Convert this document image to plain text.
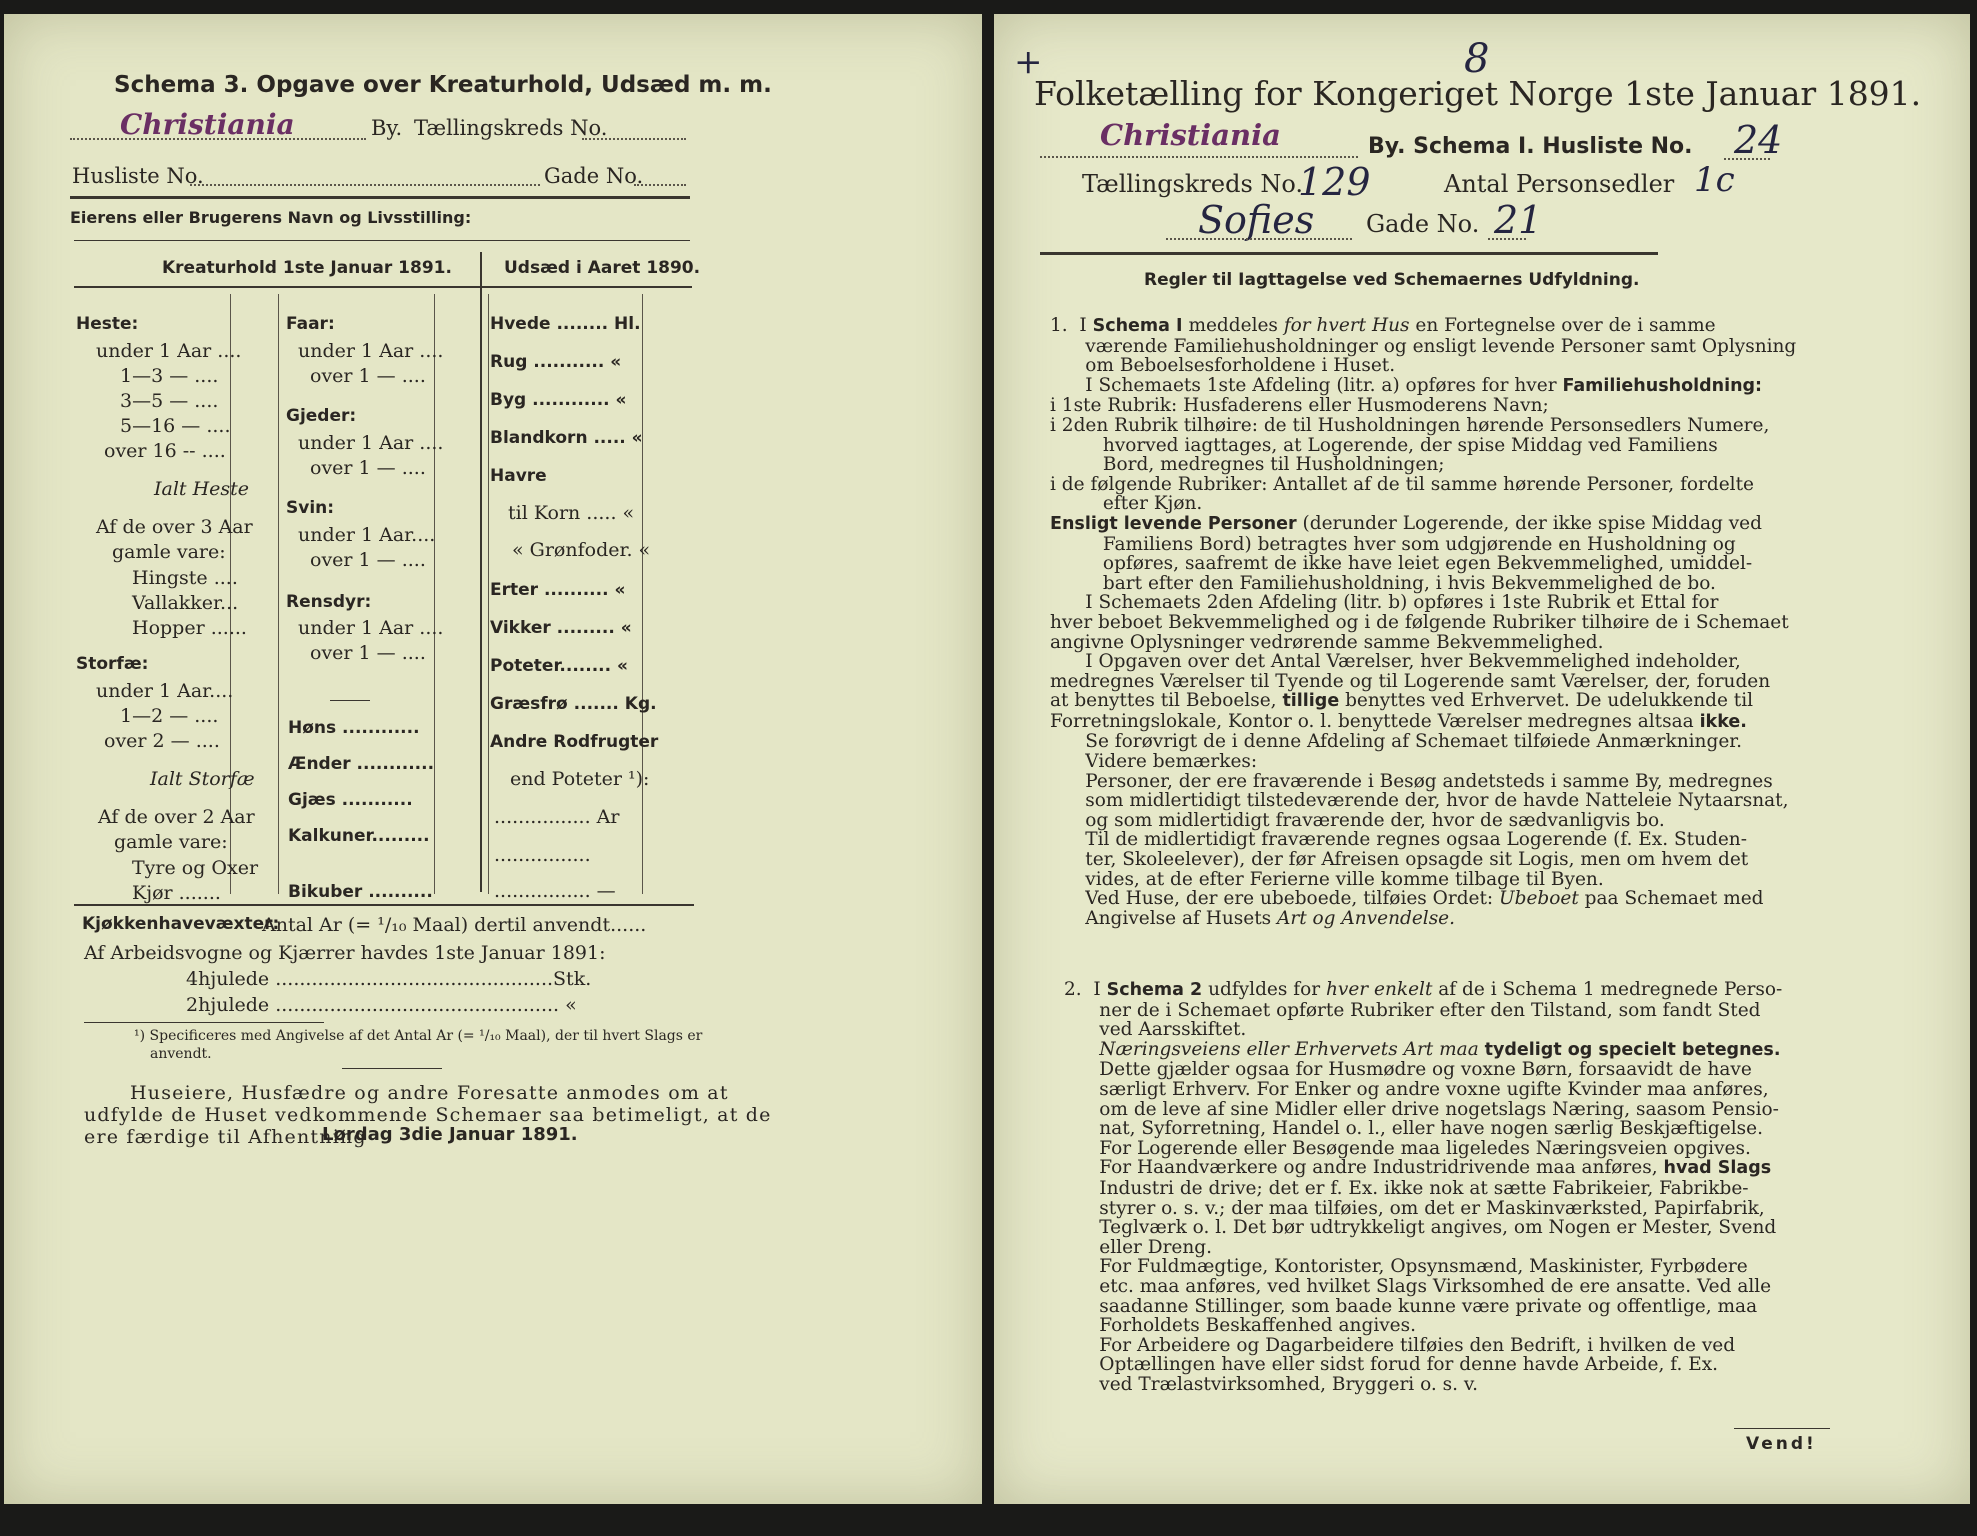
Schema 3. Opgave over Kreaturhold, Udsæd m. m.
Christiania	By. Tællingskreds No.
Husliste No.	Gade No.
Eierens eller Brugerens Navn og Livsstilling:
Kreaturhold 1ste Januar 1891.	Udsæd i Aaret 1890.
Heste:
under 1 Aar ....
1—3 — ....
3—5 — ....
5—16 — ....
over 16 -- ....
Ialt Heste
Af de over 3 Aar
gamle vare:
Hingste ....
Vallakker...
Hopper ......
Storfæ:
under 1 Aar....
1—2 — ....
over 2 — ....
Ialt Storfæ
Af de over 2 Aar
gamle vare:
Tyre og Oxer
Kjør .......
Faar:
under 1 Aar ....
over 1 — ....
Gjeder:
under 1 Aar ....
over 1 — ....
Svin:
under 1 Aar....
over 1 — ....
Rensdyr:
under 1 Aar ....
over 1 — ....
Høns ............
Ænder ............
Gjæs ...........
Kalkuner.........
Bikuber ..........
Hvede ........ Hl.
Rug ........... «
Byg ............ «
Blandkorn ..... «
Havre
til Korn ..... «
« Grønfoder. «
Erter .......... «
Vikker ......... «
Poteter........ «
Græsfrø ....... Kg.
Andre Rodfrugter
end Poteter ¹):
................ Ar
................
................ —
Kjøkkenhavevæxter:
Antal Ar (= ¹/₁₀ Maal) dertil anvendt......
Af Arbeidsvogne og Kjærrer havdes 1ste Januar 1891:
4hjulede ..............................................Stk.
2hjulede ............................................... «
¹) Specificeres med Angivelse af det Antal Ar (= ¹/₁₀ Maal), der til hvert Slags er
anvendt.
Huseiere, Husfædre og andre Foresatte anmodes om at
udfylde de Huset vedkommende Schemaer saa betimeligt, at de
ere færdige til Afhentning
Lørdag 3die Januar 1891.
+	8
Folketælling for Kongeriget Norge 1ste Januar 1891.
Christiania	By. Schema I. Husliste No. 24
Tællingskreds No.
129	Antal Personsedler 1c
Sofies Gade No. 21
Regler til Iagttagelse ved Schemaernes Udfyldning.
1.  I Schema I meddeles for hvert Hus en Fortegnelse over de i samme
værende Familiehusholdninger og ensligt levende Personer samt Oplysning
om Beboelsesforholdene i Huset.
I Schemaets 1ste Afdeling (litr. a) opføres for hver Familiehusholdning:
i 1ste Rubrik: Husfaderens eller Husmoderens Navn;
i 2den Rubrik tilhøire: de til Husholdningen hørende Personsedlers Numere,
hvorved iagttages, at Logerende, der spise Middag ved Familiens
Bord, medregnes til Husholdningen;
i de følgende Rubriker: Antallet af de til samme hørende Personer, fordelte
efter Kjøn.
Ensligt levende Personer (derunder Logerende, der ikke spise Middag ved
Familiens Bord) betragtes hver som udgjørende en Husholdning og
opføres, saafremt de ikke have leiet egen Bekvemmelighed, umiddel-
bart efter den Familiehusholdning, i hvis Bekvemmelighed de bo.
I Schemaets 2den Afdeling (litr. b) opføres i 1ste Rubrik et Ettal for
hver beboet Bekvemmelighed og i de følgende Rubriker tilhøire de i Schemaet
angivne Oplysninger vedrørende samme Bekvemmelighed.
I Opgaven over det Antal Værelser, hver Bekvemmelighed indeholder,
medregnes Værelser til Tyende og til Logerende samt Værelser, der, foruden
at benyttes til Beboelse, tillige benyttes ved Erhvervet. De udelukkende til
Forretningslokale, Kontor o. l. benyttede Værelser medregnes altsaa ikke.
Se forøvrigt de i denne Afdeling af Schemaet tilføiede Anmærkninger.
Videre bemærkes:
Personer, der ere fraværende i Besøg andetsteds i samme By, medregnes
som midlertidigt tilstedeværende der, hvor de havde Natteleie Nytaarsnat,
og som midlertidigt fraværende der, hvor de sædvanligvis bo.
Til de midlertidigt fraværende regnes ogsaa Logerende (f. Ex. Studen-
ter, Skoleelever), der før Afreisen opsagde sit Logis, men om hvem det
vides, at de efter Ferierne ville komme tilbage til Byen.
Ved Huse, der ere ubeboede, tilføies Ordet: Ubeboet paa Schemaet med
Angivelse af Husets Art og Anvendelse.
2.  I Schema 2 udfyldes for hver enkelt af de i Schema 1 medregnede Perso-
ner de i Schemaet opførte Rubriker efter den Tilstand, som fandt Sted
ved Aarsskiftet.
Næringsveiens eller Erhvervets Art maa tydeligt og specielt betegnes.
Dette gjælder ogsaa for Husmødre og voxne Børn, forsaavidt de have
særligt Erhverv. For Enker og andre voxne ugifte Kvinder maa anføres,
om de leve af sine Midler eller drive nogetslags Næring, saasom Pensio-
nat, Syforretning, Handel o. l., eller have nogen særlig Beskjæftigelse.
For Logerende eller Besøgende maa ligeledes Næringsveien opgives.
For Haandværkere og andre Industridrivende maa anføres, hvad Slags
Industri de drive; det er f. Ex. ikke nok at sætte Fabrikeier, Fabrikbe-
styrer o. s. v.; der maa tilføies, om det er Maskinværksted, Papirfabrik,
Teglværk o. l. Det bør udtrykkeligt angives, om Nogen er Mester, Svend
eller Dreng.
For Fuldmægtige, Kontorister, Opsynsmænd, Maskinister, Fyrbødere
etc. maa anføres, ved hvilket Slags Virksomhed de ere ansatte. Ved alle
saadanne Stillinger, som baade kunne være private og offentlige, maa
Forholdets Beskaffenhed angives.
For Arbeidere og Dagarbeidere tilføies den Bedrift, i hvilken de ved
Optællingen have eller sidst forud for denne havde Arbeide, f. Ex.
ved Trælastvirksomhed, Bryggeri o. s. v.
Vend!
